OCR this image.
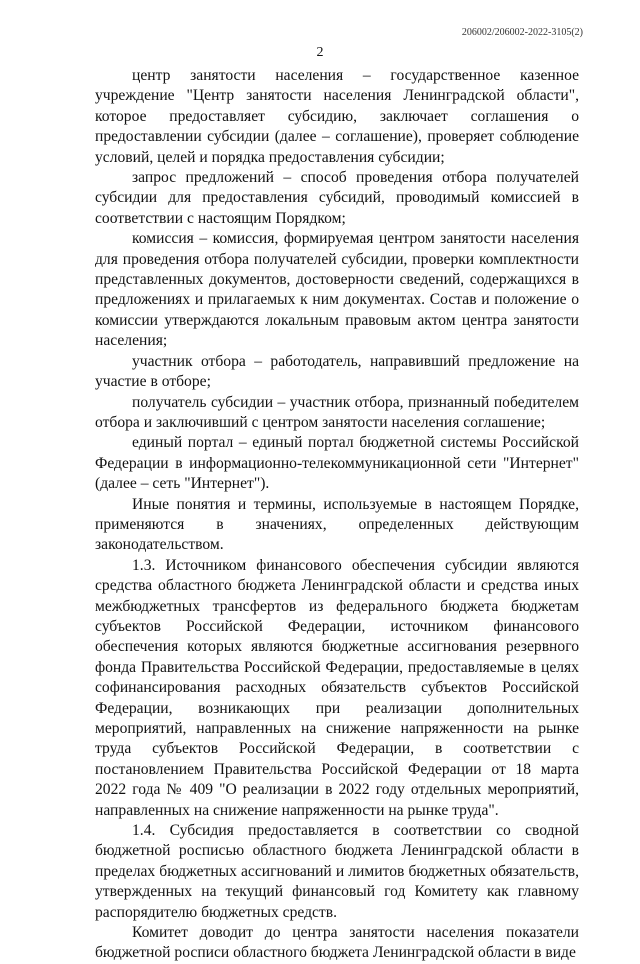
206002/206002-2022-3105(2)
2

центр занятости населения – государственное казенное учреждение "Центр занятости населения Ленинградской области", которое предоставляет субсидию, заключает соглашения о предоставлении субсидии (далее – соглашение), проверяет соблюдение условий, целей и порядка предоставления субсидии;

запрос предложений – способ проведения отбора получателей субсидии для предоставления субсидий, проводимый комиссией в соответствии с настоящим Порядком;

комиссия – комиссия, формируемая центром занятости населения для проведения отбора получателей субсидии, проверки комплектности представленных документов, достоверности сведений, содержащихся в предложениях и прилагаемых к ним документах. Состав и положение о комиссии утверждаются локальным правовым актом центра занятости населения;

участник отбора – работодатель, направивший предложение на участие в отборе;

получатель субсидии – участник отбора, признанный победителем отбора и заключивший с центром занятости населения соглашение;

единый портал – единый портал бюджетной системы Российской Федерации в информационно-телекоммуникационной сети "Интернет" (далее – сеть "Интернет").

Иные понятия и термины, используемые в настоящем Порядке, применяются в значениях, определенных действующим законодательством.

1.3. Источником финансового обеспечения субсидии являются средства областного бюджета Ленинградской области и средства иных межбюджетных трансфертов из федерального бюджета бюджетам субъектов Российской Федерации, источником финансового обеспечения которых являются бюджетные ассигнования резервного фонда Правительства Российской Федерации, предоставляемые в целях софинансирования расходных обязательств субъектов Российской Федерации, возникающих при реализации дополнительных мероприятий, направленных на снижение напряженности на рынке труда субъектов Российской Федерации, в соответствии с постановлением Правительства Российской Федерации от 18 марта 2022 года № 409 "О реализации в 2022 году отдельных мероприятий, направленных на снижение напряженности на рынке труда".

1.4. Субсидия предоставляется в соответствии со сводной бюджетной росписью областного бюджета Ленинградской области в пределах бюджетных ассигнований и лимитов бюджетных обязательств, утвержденных на текущий финансовый год Комитету как главному распорядителю бюджетных средств.

Комитет доводит до центра занятости населения показатели бюджетной росписи областного бюджета Ленинградской области в виде
